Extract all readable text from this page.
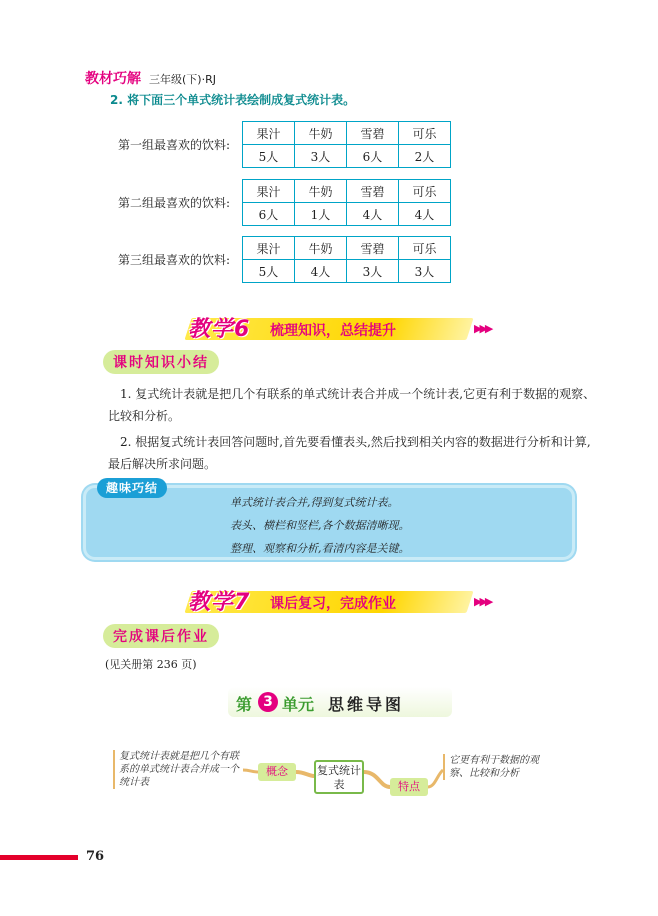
教材巧解 三年级(下)·RJ
2. 将下面三个单式统计表绘制成复式统计表。
第一组最喜欢的饮料:
果汁	牛奶	雪碧	可乐
5人	3人	6人	2人
第二组最喜欢的饮料:
果汁	牛奶	雪碧	可乐
6人	1人	4人	4人
第三组最喜欢的饮料:
果汁	牛奶	雪碧	可乐
5人	4人	3人	3人
教学6 梳理知识，总结提升	▶▶▶
课时知识小结

1. 复式统计表就是把几个有联系的单式统计表合并成一个统计表,它更有利于数据的观察、比较和分析。

2. 根据复式统计表回答问题时,首先要看懂表头,然后找到相关内容的数据进行分析和计算,最后解决所求问题。

趣味巧结
单式统计表合并,得到复式统计表。
表头、横栏和竖栏,各个数据清晰现。
整理、观察和分析,看清内容是关键。
教学7 课后复习，完成作业	▶▶▶
完成课后作业
(见关册第 236 页)
第 3 单元 思维导图
复式统计表就是把几个有联系的单式统计表合并成一个统计表
概念	复式统计表	特点
它更有利于数据的观察、比较和分析
76
